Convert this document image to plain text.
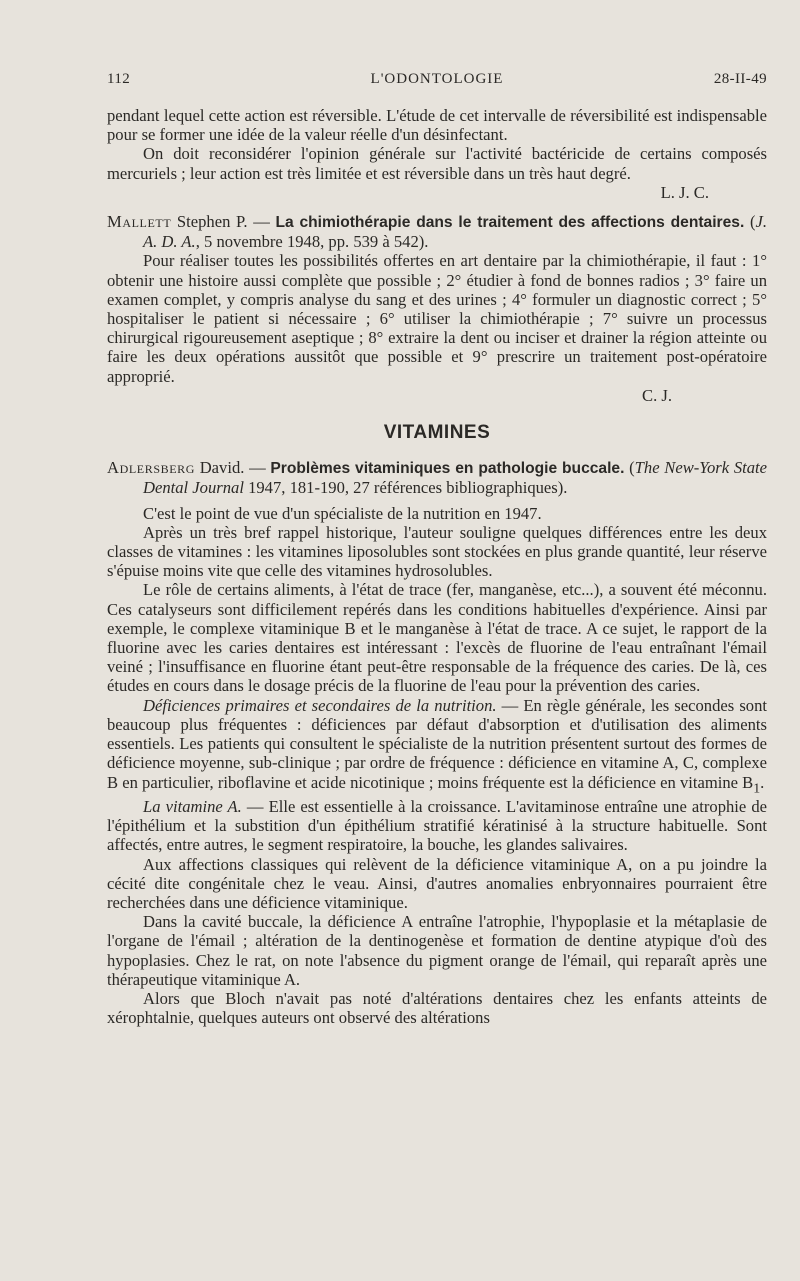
112	L'ODONTOLOGIE	28-II-49

pendant lequel cette action est réversible. L'étude de cet intervalle de réversibilité est indispensable pour se former une idée de la valeur réelle d'un désinfectant.

On doit reconsidérer l'opinion générale sur l'activité bactéricide de certains composés mercuriels ; leur action est très limitée et est réversible dans un très haut degré.

L. J. C.

Mallett Stephen P. — La chimiothérapie dans le traitement des affections dentaires. (J. A. D. A., 5 novembre 1948, pp. 539 à 542).

Pour réaliser toutes les possibilités offertes en art dentaire par la chimiothérapie, il faut : 1° obtenir une histoire aussi complète que possible ; 2° étudier à fond de bonnes radios ; 3° faire un examen complet, y compris analyse du sang et des urines ; 4° formuler un diagnostic correct ; 5° hospitaliser le patient si nécessaire ; 6° utiliser la chimiothérapie ; 7° suivre un processus chirurgical rigoureusement aseptique ; 8° extraire la dent ou inciser et drainer la région atteinte ou faire les deux opérations aussitôt que possible et 9° prescrire un traitement post-opératoire approprié.

C. J.

VITAMINES

Adlersberg David. — Problèmes vitaminiques en pathologie buccale. (The New-York State Dental Journal 1947, 181-190, 27 références bibliographiques).

C'est le point de vue d'un spécialiste de la nutrition en 1947.

Après un très bref rappel historique, l'auteur souligne quelques différences entre les deux classes de vitamines : les vitamines liposolubles sont stockées en plus grande quantité, leur réserve s'épuise moins vite que celle des vitamines hydrosolubles.

Le rôle de certains aliments, à l'état de trace (fer, manganèse, etc...), a souvent été méconnu. Ces catalyseurs sont difficilement repérés dans les conditions habituelles d'expérience. Ainsi par exemple, le complexe vitaminique B et le manganèse à l'état de trace. A ce sujet, le rapport de la fluorine avec les caries dentaires est intéressant : l'excès de fluorine de l'eau entraînant l'émail veiné ; l'insuffisance en fluorine étant peut-être responsable de la fréquence des caries. De là, ces études en cours dans le dosage précis de la fluorine de l'eau pour la prévention des caries.

Déficiences primaires et secondaires de la nutrition. — En règle générale, les secondes sont beaucoup plus fréquentes : déficiences par défaut d'absorption et d'utilisation des aliments essentiels. Les patients qui consultent le spécialiste de la nutrition présentent surtout des formes de déficience moyenne, sub-clinique ; par ordre de fréquence : déficience en vitamine A, C, complexe B en particulier, riboflavine et acide nicotinique ; moins fréquente est la déficience en vitamine $B_1$.

La vitamine A. — Elle est essentielle à la croissance. L'avitaminose entraîne une atrophie de l'épithélium et la substition d'un épithélium stratifié kératinisé à la structure habituelle. Sont affectés, entre autres, le segment respiratoire, la bouche, les glandes salivaires.

Aux affections classiques qui relèvent de la déficience vitaminique A, on a pu joindre la cécité dite congénitale chez le veau. Ainsi, d'autres anomalies enbryonnaires pourraient être recherchées dans une déficience vitaminique.

Dans la cavité buccale, la déficience A entraîne l'atrophie, l'hypoplasie et la métaplasie de l'organe de l'émail ; altération de la dentinogenèse et formation de dentine atypique d'où des hypoplasies. Chez le rat, on note l'absence du pigment orange de l'émail, qui reparaît après une thérapeutique vitaminique A.

Alors que Bloch n'avait pas noté d'altérations dentaires chez les enfants atteints de xérophtalnie, quelques auteurs ont observé des altérations
